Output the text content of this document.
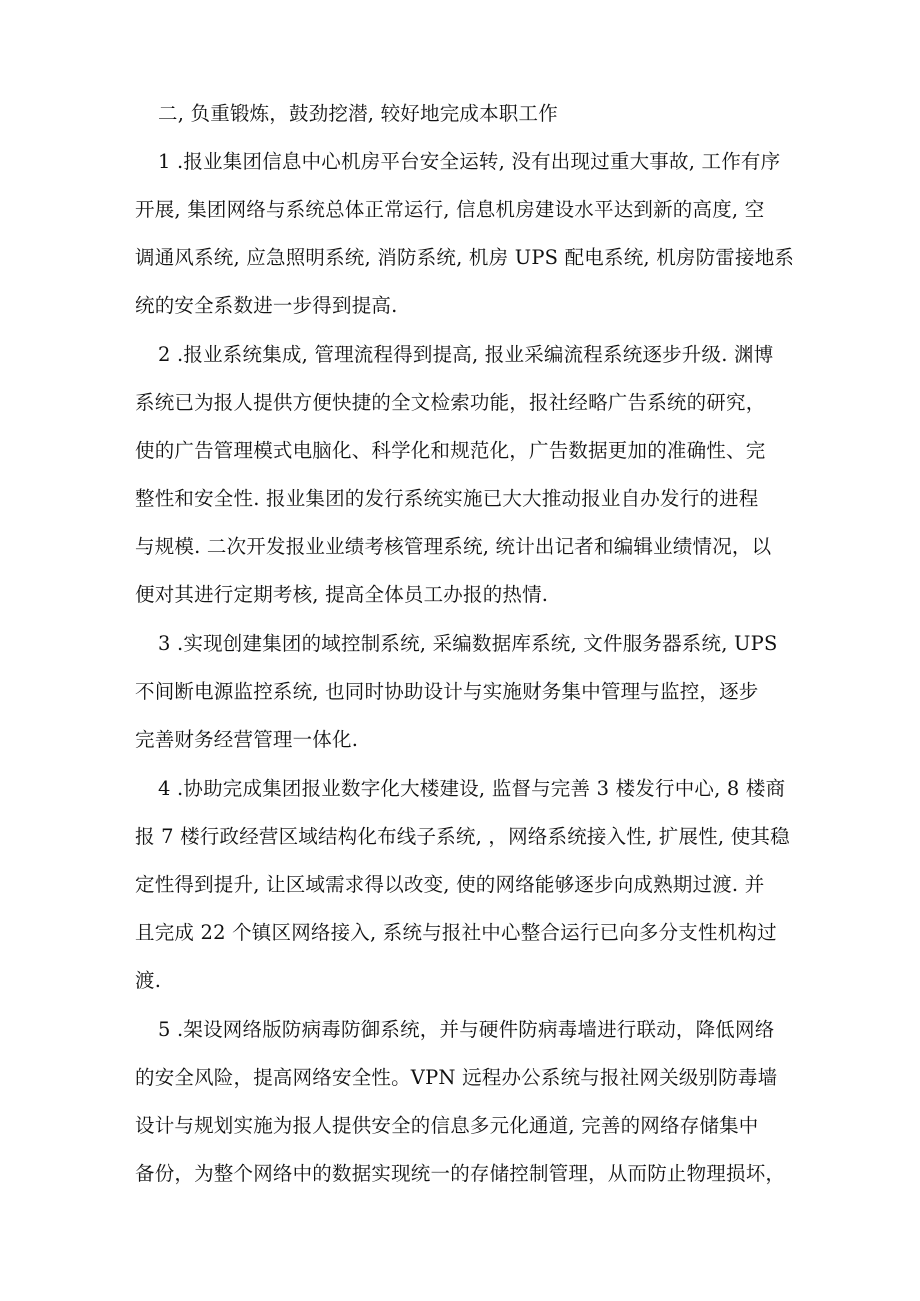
二, 负重锻炼，鼓劲挖潜, 较好地完成本职工作
1 .报业集团信息中心机房平台安全运转, 没有出现过重大事故, 工作有序
开展, 集团网络与系统总体正常运行, 信息机房建设水平达到新的高度, 空
调通风系统, 应急照明系统, 消防系统, 机房 UPS 配电系统, 机房防雷接地系
统的安全系数进一步得到提高.
2 .报业系统集成, 管理流程得到提高, 报业采编流程系统逐步升级. 渊博
系统已为报人提供方便快捷的全文检索功能，报社经略广告系统的研究，
使的广告管理模式电脑化、科学化和规范化，广告数据更加的准确性、完
整性和安全性. 报业集团的发行系统实施已大大推动报业自办发行的进程
与规模. 二次开发报业业绩考核管理系统, 统计出记者和编辑业绩情况，以
便对其进行定期考核, 提高全体员工办报的热情.
3 .实现创建集团的域控制系统, 采编数据库系统, 文件服务器系统, UPS
不间断电源监控系统, 也同时协助设计与实施财务集中管理与监控，逐步
完善财务经营管理一体化.
4 .协助完成集团报业数字化大楼建设, 监督与完善 3 楼发行中心, 8 楼商
报 7 楼行政经营区域结构化布线子系统, ，网络系统接入性, 扩展性, 使其稳
定性得到提升, 让区域需求得以改变, 使的网络能够逐步向成熟期过渡. 并
且完成 22 个镇区网络接入, 系统与报社中心整合运行已向多分支性机构过
渡.
5 .架设网络版防病毒防御系统，并与硬件防病毒墙进行联动，降低网络
的安全风险，提高网络安全性。VPN 远程办公系统与报社网关级别防毒墙
设计与规划实施为报人提供安全的信息多元化通道, 完善的网络存储集中
备份，为整个网络中的数据实现统一的存储控制管理，从而防止物理损坏，
